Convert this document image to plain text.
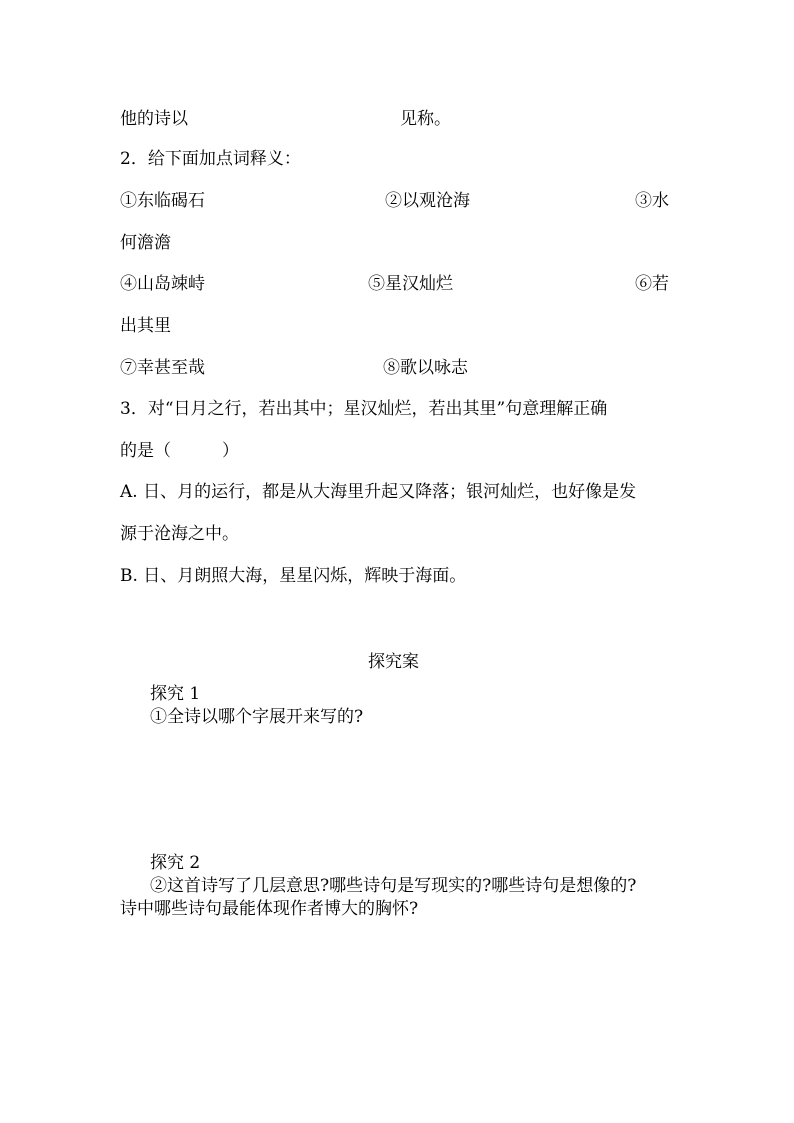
他的诗以	见称。
2．给下面加点词释义：
①东临碣石	②以观沧海	③水
何澹澹
④山岛竦峙	⑤星汉灿烂	⑥若
出其里
⑦幸甚至哉	⑧歌以咏志
3．对“日月之行，若出其中；星汉灿烂，若出其里”句意理解正确
的是（　　　）
A. 日、月的运行，都是从大海里升起又降落；银河灿烂，也好像是发
源于沧海之中。
B. 日、月朗照大海，星星闪烁，辉映于海面。
探究案
探究 1
①全诗以哪个字展开来写的?
探究 2
②这首诗写了几层意思?哪些诗句是写现实的?哪些诗句是想像的?
诗中哪些诗句最能体现作者博大的胸怀?
